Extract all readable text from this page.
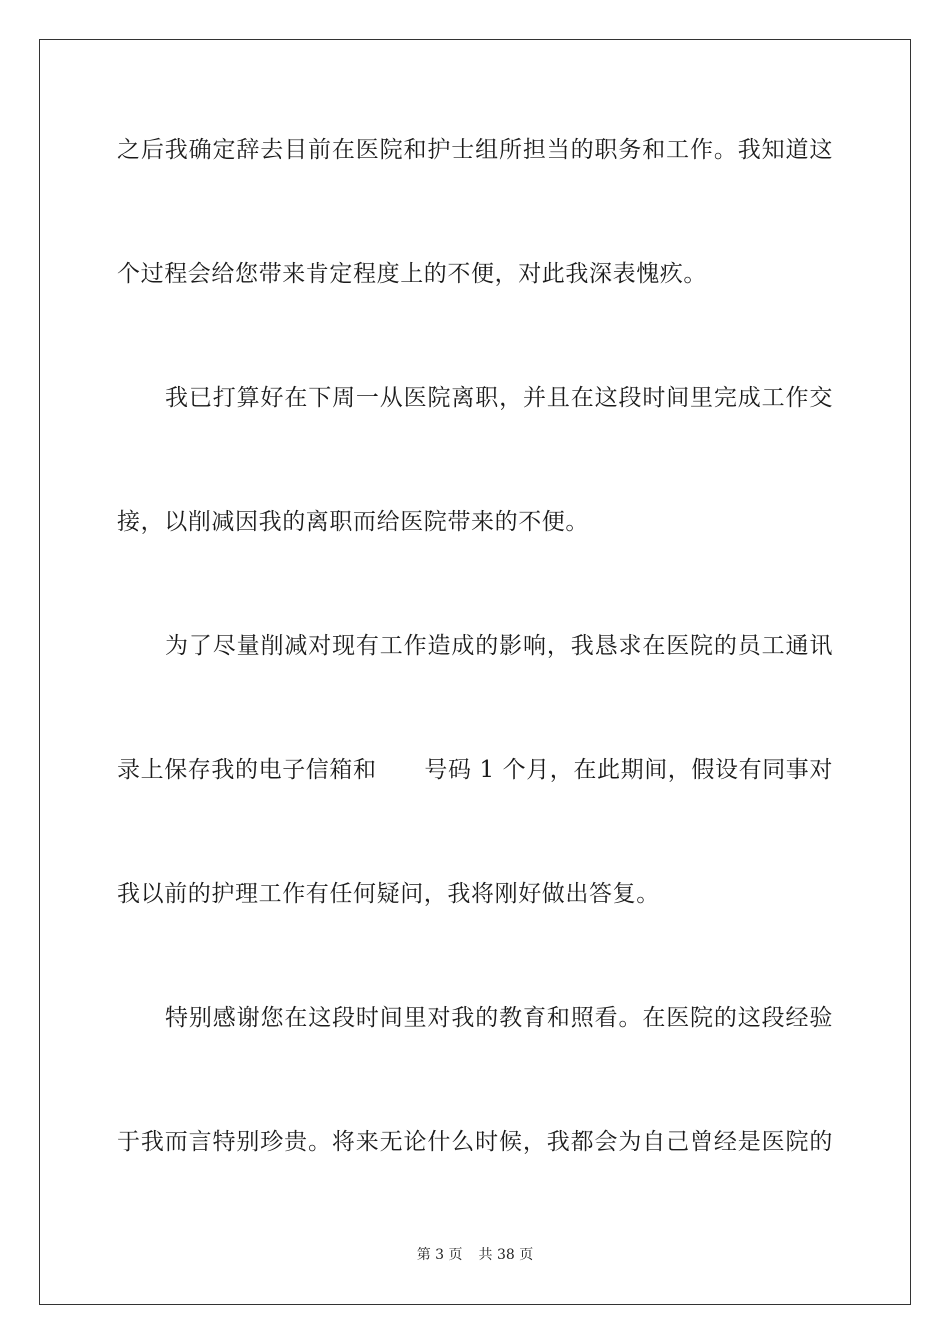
之后我确定辞去目前在医院和护士组所担当的职务和工作。我知道这
个过程会给您带来肯定程度上的不便，对此我深表愧疚。
我已打算好在下周一从医院离职，并且在这段时间里完成工作交
接，以削减因我的离职而给医院带来的不便。
为了尽量削减对现有工作造成的影响，我恳求在医院的员工通讯
录上保存我的电子信箱和	号码 1 个月，在此期间，假设有同事对
我以前的护理工作有任何疑问，我将刚好做出答复。
特别感谢您在这段时间里对我的教育和照看。在医院的这段经验
于我而言特别珍贵。将来无论什么时候，我都会为自己曾经是医院的
第 3 页 共 38 页
